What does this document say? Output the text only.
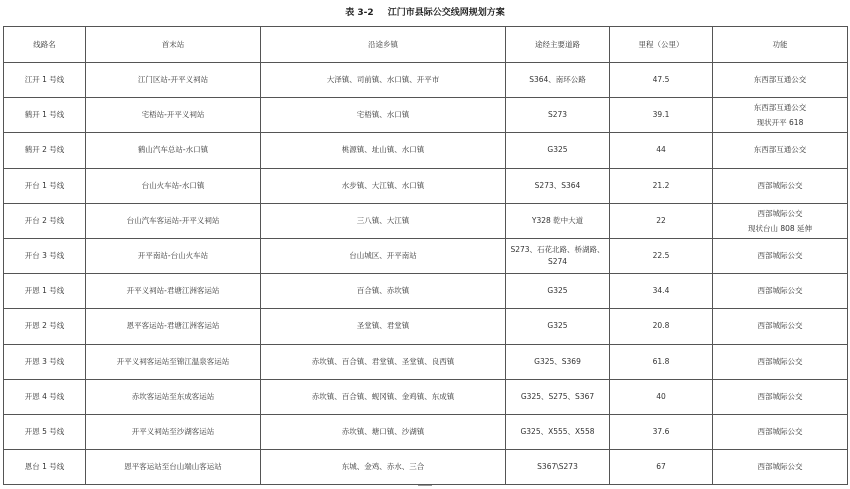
表 3-2 江门市县际公交线网规划方案
线路名	首末站	沿途乡镇	途经主要道路	里程（公里）	功能
江开 1 号线	江门区站-开平义祠站	大泽镇、司前镇、水口镇、开平市	S364、南环公路	47.5	东西部互通公交
鹤开 1 号线	宅梧站-开平义祠站	宅梧镇、水口镇	S273	39.1	东西部互通公交
现状开平 618
鹤开 2 号线	鹤山汽车总站-水口镇	桃源镇、址山镇、水口镇	G325	44	东西部互通公交
开台 1 号线	台山火车站-水口镇	水步镇、大江镇、水口镇	S273、S364	21.2	西部城际公交
开台 2 号线	台山汽车客运站-开平义祠站	三八镇、大江镇	Y328 乾中大道	22	西部城际公交
现状台山 808 延伸
开台 3 号线	开平南站-台山火车站	台山城区、开平南站	S273、石花北路、桥湖路、S274	22.5	西部城际公交
开恩 1 号线	开平义祠站-君塘江洲客运站	百合镇、赤坎镇	G325	34.4	西部城际公交
开恩 2 号线	恩平客运站-君塘江洲客运站	圣堂镇、君堂镇	G325	20.8	西部城际公交
开恩 3 号线	开平义祠客运站至锦江温泉客运站	赤坎镇、百合镇、君堂镇、圣堂镇、良西镇	G325、S369	61.8	西部城际公交
开恩 4 号线	赤坎客运站至东成客运站	赤坎镇、百合镇、蚬冈镇、金鸡镇、东成镇	G325、S275、S367	40	西部城际公交
开恩 5 号线	开平义祠站至沙湖客运站	赤坎镇、塘口镇、沙湖镇	G325、X555、X558	37.6	西部城际公交
恩台 1 号线	恩平客运站至台山端山客运站	东城、金鸡、赤水、三合	S367\S273	67	西部城际公交
